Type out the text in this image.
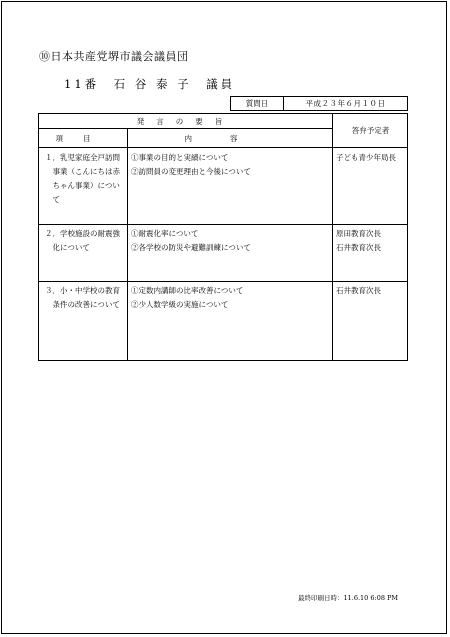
⑩日本共産党堺市議会議員団
11番　石 谷 泰 子　議員
質問日	平成２３年６月１０日
発言の要旨
項目	内容
答弁予定者
１．乳児家庭全戸訪問
　事業（こんにちは赤
　ちゃん事業）につい
　て
①事業の目的と実績について
②訪問員の変更理由と今後について
子ども青少年局長
２．学校施設の耐震強
　化について
①耐震化率について
②各学校の防災や避難訓練について
原田教育次長
石井教育次長
３．小・中学校の教育
　条件の改善について
①定数内講師の比率改善について
②少人数学級の実施について
石井教育次長
最終印刷日時：11.6.10 6:08 PM
